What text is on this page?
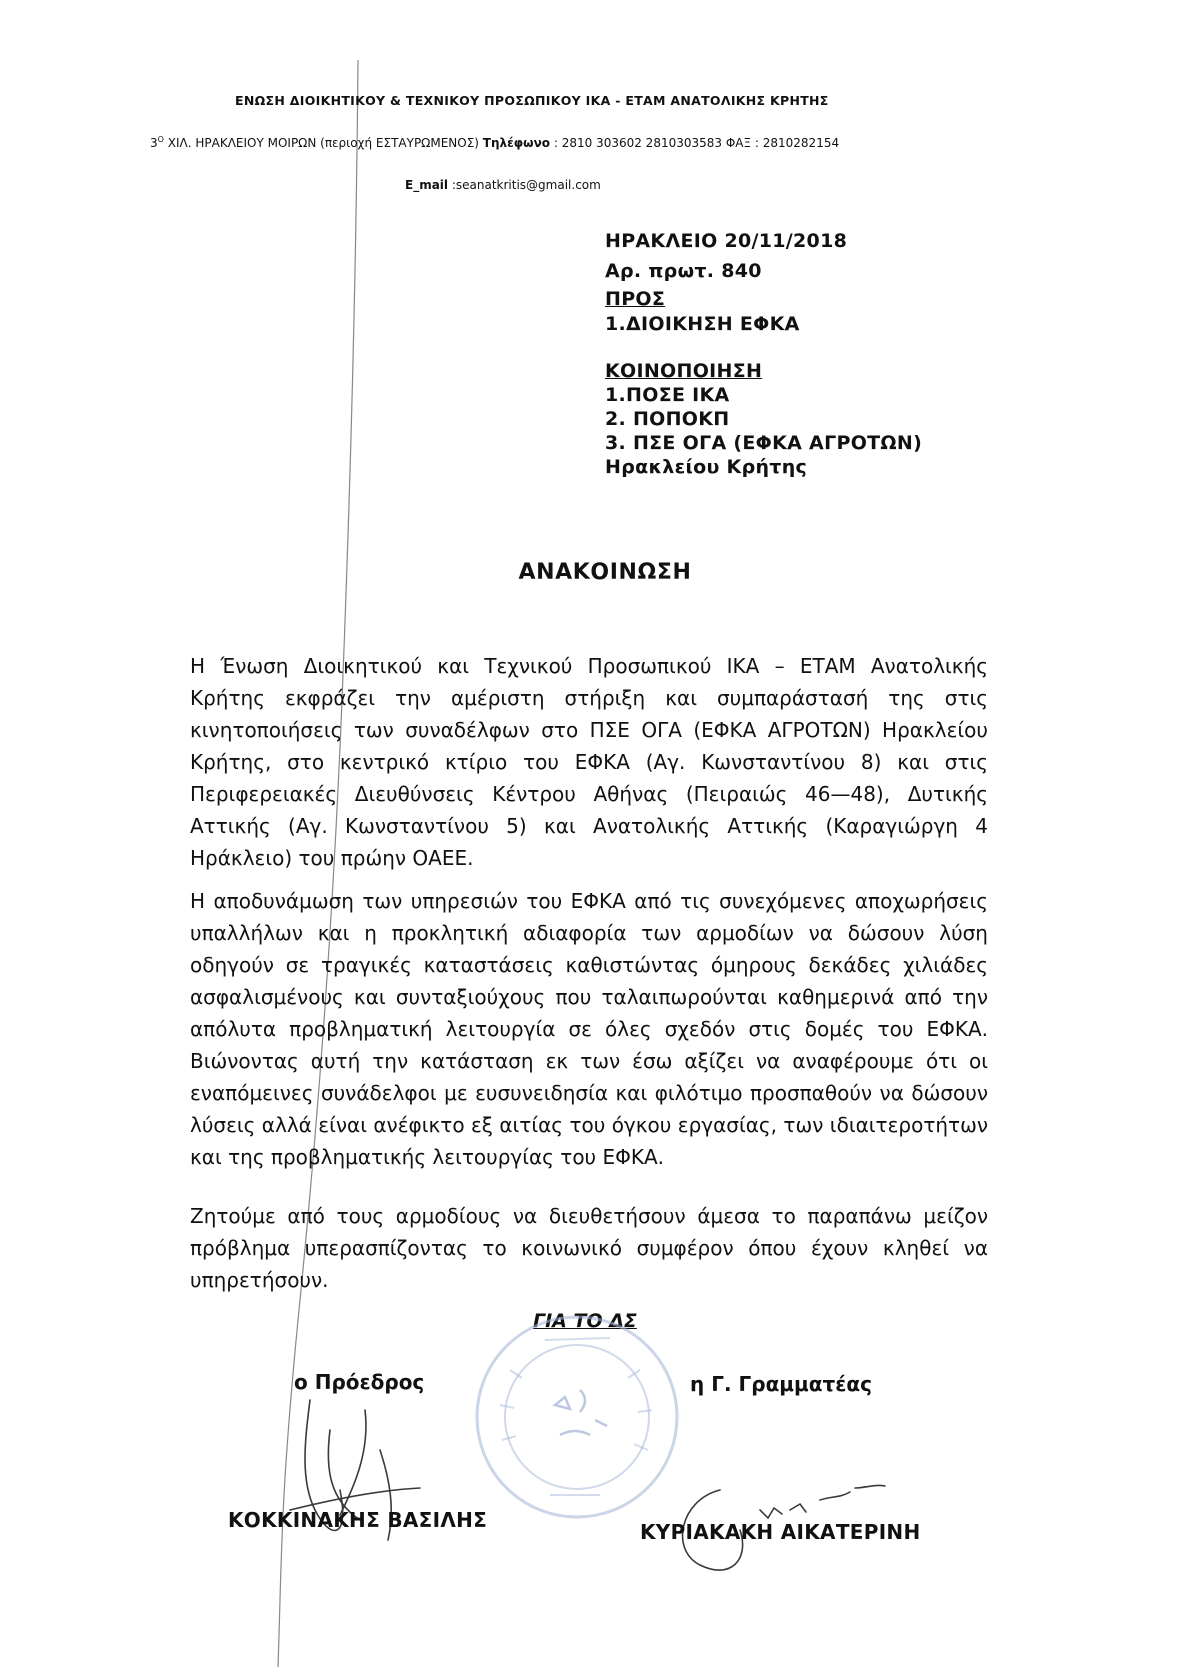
ΕΝΩΣΗ ΔΙΟΙΚΗΤΙΚΟΥ & ΤΕΧΝΙΚΟΥ ΠΡΟΣΩΠΙΚΟΥ ΙΚΑ - ΕΤΑΜ ΑΝΑΤΟΛΙΚΗΣ ΚΡΗΤΗΣ
$3^O$ ΧΙΛ. ΗΡΑΚΛΕΙΟΥ ΜΟΙΡΩΝ (περιοχή ΕΣΤΑΥΡΩΜΕΝΟΣ) Τηλέφωνο : 2810 303602 2810303583 ΦΑΞ : 2810282154
E_mail :seanatkritis@gmail.com
ΗΡΑΚΛΕΙΟ 20/11/2018
Αρ. πρωτ. 840
ΠΡΟΣ
1.ΔΙΟΙΚΗΣΗ ΕΦΚΑ
ΚΟΙΝΟΠΟΙΗΣΗ
1.ΠΟΣΕ ΙΚΑ
2. ΠΟΠΟΚΠ
3. ΠΣΕ ΟΓΑ (ΕΦΚΑ ΑΓΡΟΤΩΝ)
Ηρακλείου Κρήτης
ΑΝΑΚΟΙΝΩΣΗ
Η Ένωση Διοικητικού και Τεχνικού Προσωπικού ΙΚΑ – ΕΤΑΜ Ανατολικής Κρήτης εκφράζει την αμέριστη στήριξη και συμπαράστασή της στις κινητοποιήσεις των συναδέλφων στο ΠΣΕ ΟΓΑ (ΕΦΚΑ ΑΓΡΟΤΩΝ) Ηρακλείου Κρήτης, στο κεντρικό κτίριο του ΕΦΚΑ (Αγ. Κωνσταντίνου 8) και στις Περιφερειακές Διευθύνσεις Κέντρου Αθήνας (Πειραιώς 46—48), Δυτικής Αττικής (Αγ. Κωνσταντίνου 5) και Ανατολικής Αττικής (Καραγιώργη 4 Ηράκλειο) του πρώην ΟΑΕΕ.
Η αποδυνάμωση των υπηρεσιών του ΕΦΚΑ από τις συνεχόμενες αποχωρήσεις υπαλλήλων και η προκλητική αδιαφορία των αρμοδίων να δώσουν λύση οδηγούν σε τραγικές καταστάσεις καθιστώντας όμηρους δεκάδες χιλιάδες ασφαλισμένους και συνταξιούχους που ταλαιπωρούνται καθημερινά από την απόλυτα προβληματική λειτουργία σε όλες σχεδόν στις δομές του ΕΦΚΑ. Βιώνοντας αυτή την κατάσταση εκ των έσω αξίζει να αναφέρουμε ότι οι εναπόμεινες συνάδελφοι με ευσυνειδησία και φιλότιμο προσπαθούν να δώσουν λύσεις αλλά είναι ανέφικτο εξ αιτίας του όγκου εργασίας, των ιδιαιτεροτήτων και της προβληματικής λειτουργίας του ΕΦΚΑ.
Ζητούμε από τους αρμοδίους να διευθετήσουν άμεσα το παραπάνω μείζον πρόβλημα υπερασπίζοντας το κοινωνικό συμφέρον όπου έχουν κληθεί να υπηρετήσουν.
ΓΙΑ ΤΟ ΔΣ
ο Πρόεδρος	η Γ. Γραμματέας
ΚΟΚΚΙΝΑΚΗΣ ΒΑΣΙΛΗΣ	ΚΥΡΙΑΚΑΚΗ ΑΙΚΑΤΕΡΙΝΗ
